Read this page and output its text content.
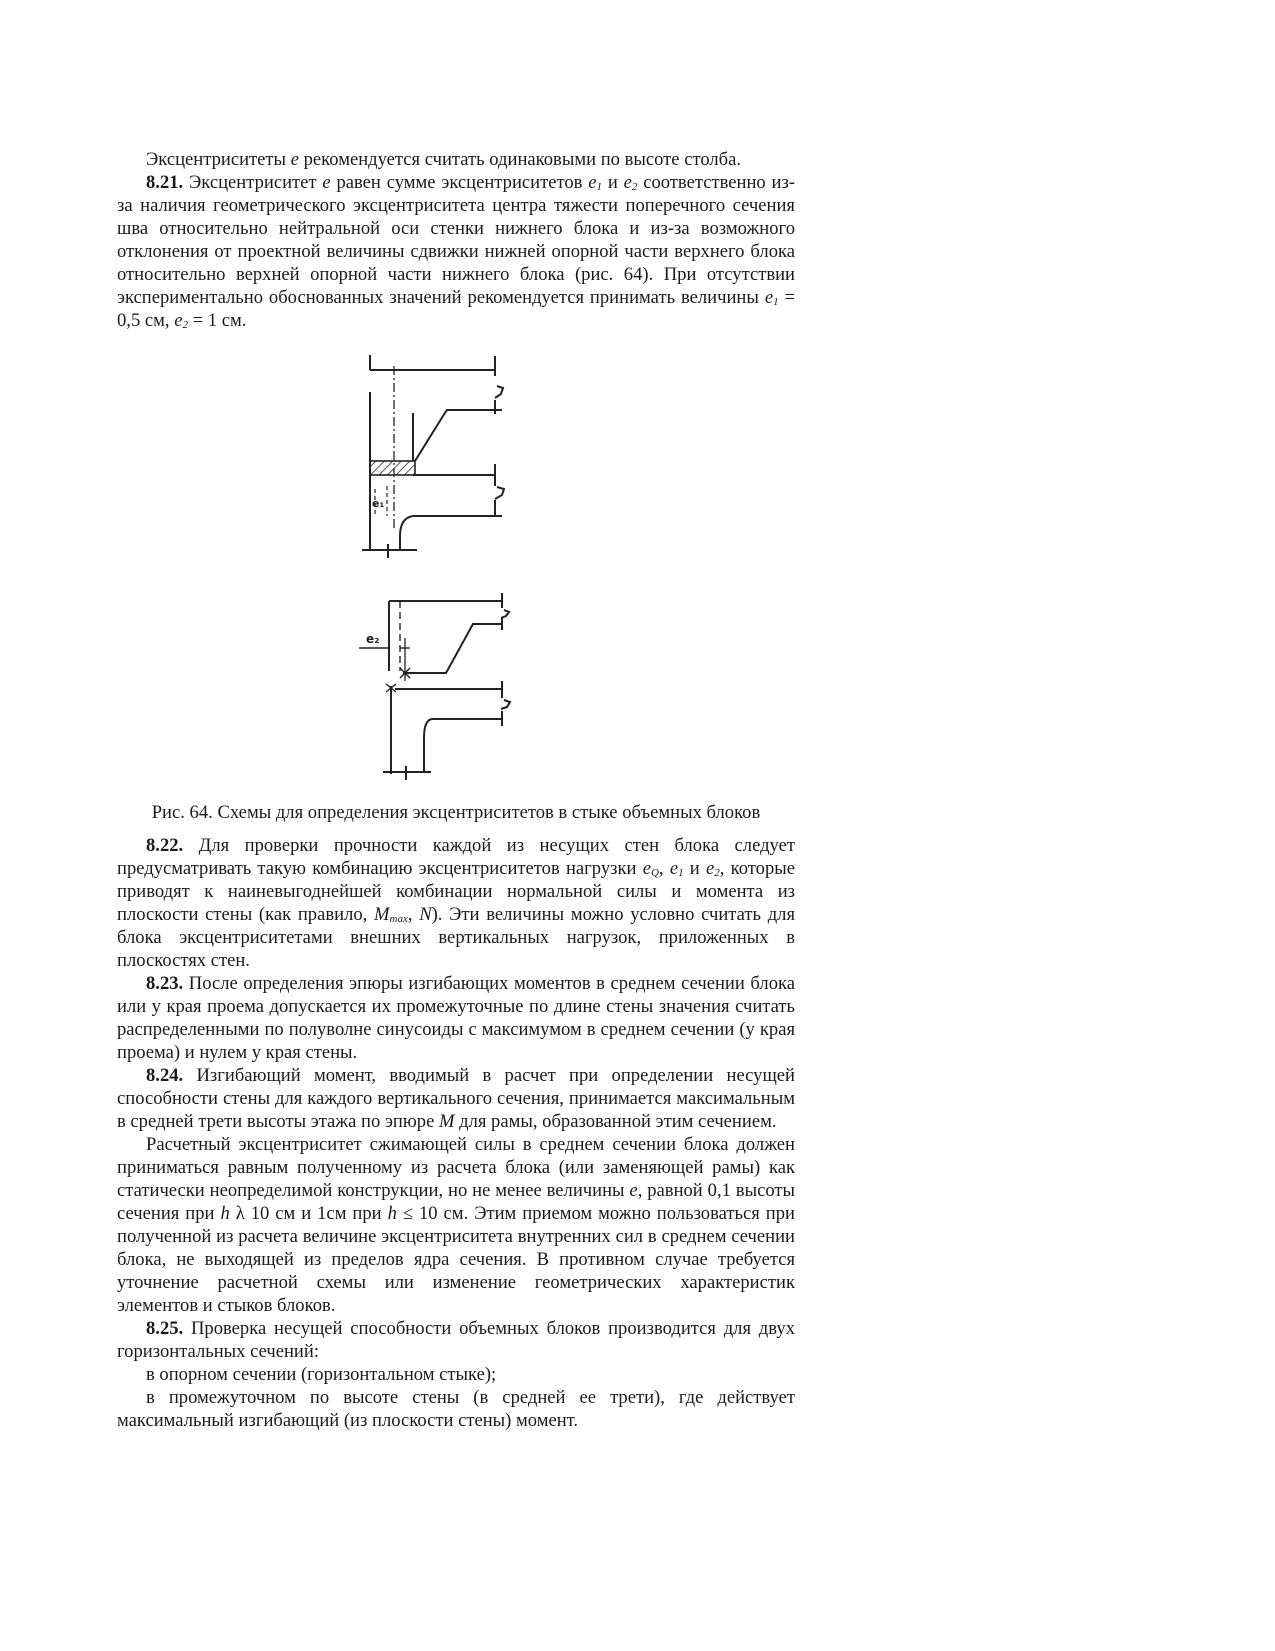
Эксцентриситеты e рекомендуется считать одинаковыми по высоте столба.

8.21. Эксцентриситет e равен сумме эксцентриситетов $e_1$ и $e_2$ соответственно из-за наличия геометрического эксцентриситета центра тяжести поперечного сечения шва относительно нейтральной оси стенки нижнего блока и из-за возможного отклонения от проектной величины сдвижки нижней опорной части верхнего блока относительно верхней опорной части нижнего блока (рис. 64). При отсутствии экспериментально обоснованных значений рекомендуется принимать величины $e_1 = 0,5$ см, $e_2 = 1$ см.

e₁
e₂

Рис. 64. Схемы для определения эксцентриситетов в стыке объемных блоков

8.22. Для проверки прочности каждой из несущих стен блока следует предусматривать такую комбинацию эксцентриситетов нагрузки $e_Q$, $e_1$ и $e_2$, которые приводят к наиневыгоднейшей комбинации нормальной силы и момента из плоскости стены (как правило, $M_{max}$, N). Эти величины можно условно считать для блока эксцентриситетами внешних вертикальных нагрузок, приложенных в плоскостях стен.

8.23. После определения эпюры изгибающих моментов в среднем сечении блока или у края проема допускается их промежуточные по длине стены значения считать распределенными по полуволне синусоиды с максимумом в среднем сечении (у края проема) и нулем у края стены.

8.24. Изгибающий момент, вводимый в расчет при определении несущей способности стены для каждого вертикального сечения, принимается максимальным в средней трети высоты этажа по эпюре M для рамы, образованной этим сечением.

Расчетный эксцентриситет сжимающей силы в среднем сечении блока должен приниматься равным полученному из расчета блока (или заменяющей рамы) как статически неопределимой конструкции, но не менее величины e, равной 0,1 высоты сечения при h λ 10 см и 1см при h ≤ 10 см. Этим приемом можно пользоваться при полученной из расчета величине эксцентриситета внутренних сил в среднем сечении блока, не выходящей из пределов ядра сечения. В противном случае требуется уточнение расчетной схемы или изменение геометрических характеристик элементов и стыков блоков.

8.25. Проверка несущей способности объемных блоков производится для двух горизонтальных сечений:

в опорном сечении (горизонтальном стыке);

в промежуточном по высоте стены (в средней ее трети), где действует максимальный изгибающий (из плоскости стены) момент.
